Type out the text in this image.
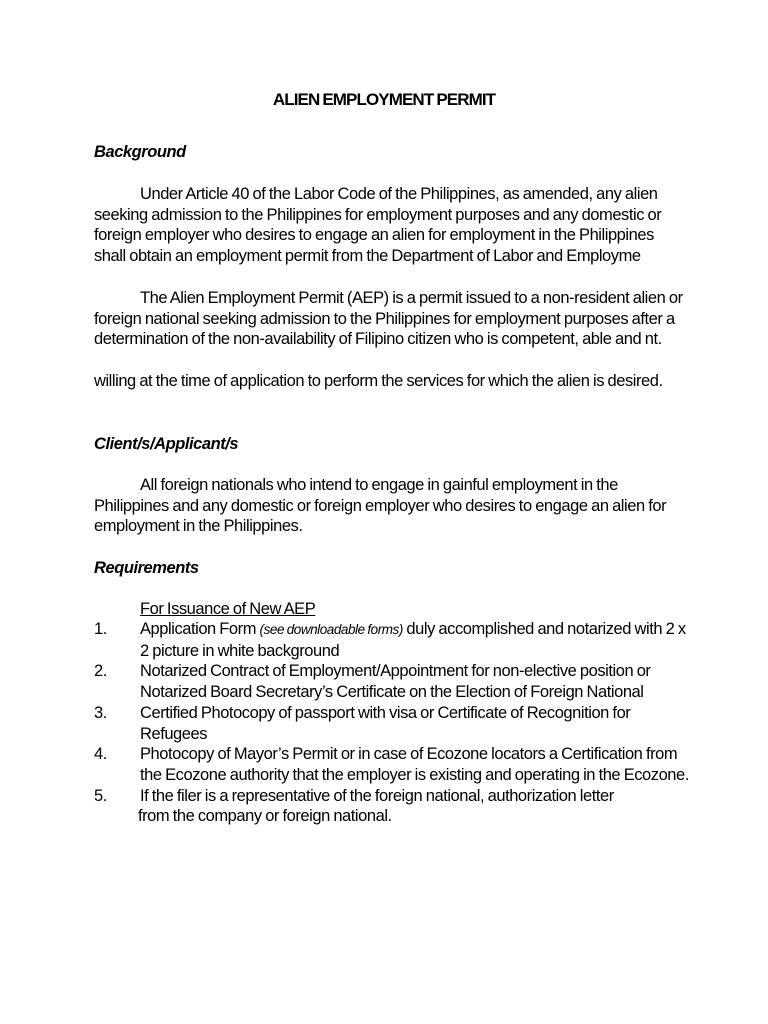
ALIEN EMPLOYMENT PERMIT
Background

Under Article 40 of the Labor Code of the Philippines, as amended, any alien seeking admission to the Philippines for employment purposes and any domestic or foreign employer who desires to engage an alien for employment in the Philippines shall obtain an employment permit from the Department of Labor and Employme

The Alien Employment Permit (AEP) is a permit issued to a non-resident alien or foreign national seeking admission to the Philippines for employment purposes after a determination of the non-availability of Filipino citizen who is competent, able and nt.

willing at the time of application to perform the services for which the alien is desired.

Client/s/Applicant/s

All foreign nationals who intend to engage in gainful employment in the Philippines and any domestic or foreign employer who desires to engage an alien for employment in the Philippines.

Requirements

For Issuance of New AEP

1. Application Form (see downloadable forms) duly accomplished and notarized with 2 x 2 picture in white background
2. Notarized Contract of Employment/Appointment for non-elective position or Notarized Board Secretary’s Certificate on the Election of Foreign National
3. Certified Photocopy of passport with visa or Certificate of Recognition for Refugees
4. Photocopy of Mayor’s Permit or in case of Ecozone locators a Certification from the Ecozone authority that the employer is existing and operating in the Ecozone.
5. If the filer is a representative of the foreign national, authorization letter
from the company or foreign national.
